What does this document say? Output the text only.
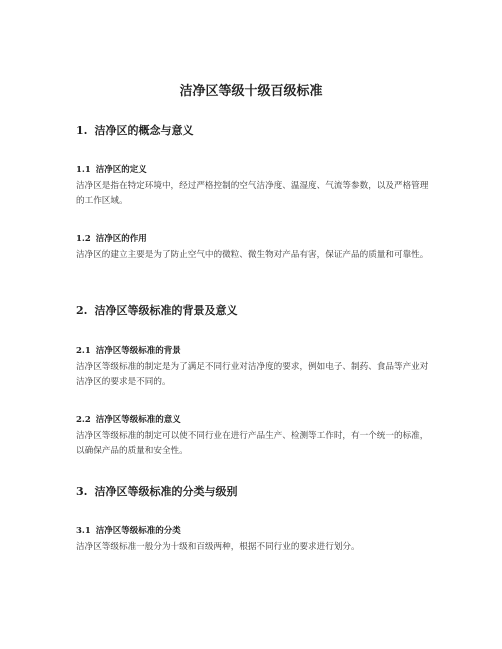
洁净区等级十级百级标准
1. 洁净区的概念与意义
1.1 洁净区的定义
洁净区是指在特定环境中，经过严格控制的空气洁净度、温湿度、气流等参数，以及严格管理的工作区域。
1.2 洁净区的作用
洁净区的建立主要是为了防止空气中的微粒、微生物对产品有害，保证产品的质量和可靠性。
2. 洁净区等级标准的背景及意义
2.1 洁净区等级标准的背景
洁净区等级标准的制定是为了满足不同行业对洁净度的要求，例如电子、制药、食品等产业对洁净区的要求是不同的。
2.2 洁净区等级标准的意义
洁净区等级标准的制定可以使不同行业在进行产品生产、检测等工作时，有一个统一的标准，以确保产品的质量和安全性。
3. 洁净区等级标准的分类与级别
3.1 洁净区等级标准的分类
洁净区等级标准一般分为十级和百级两种，根据不同行业的要求进行划分。
